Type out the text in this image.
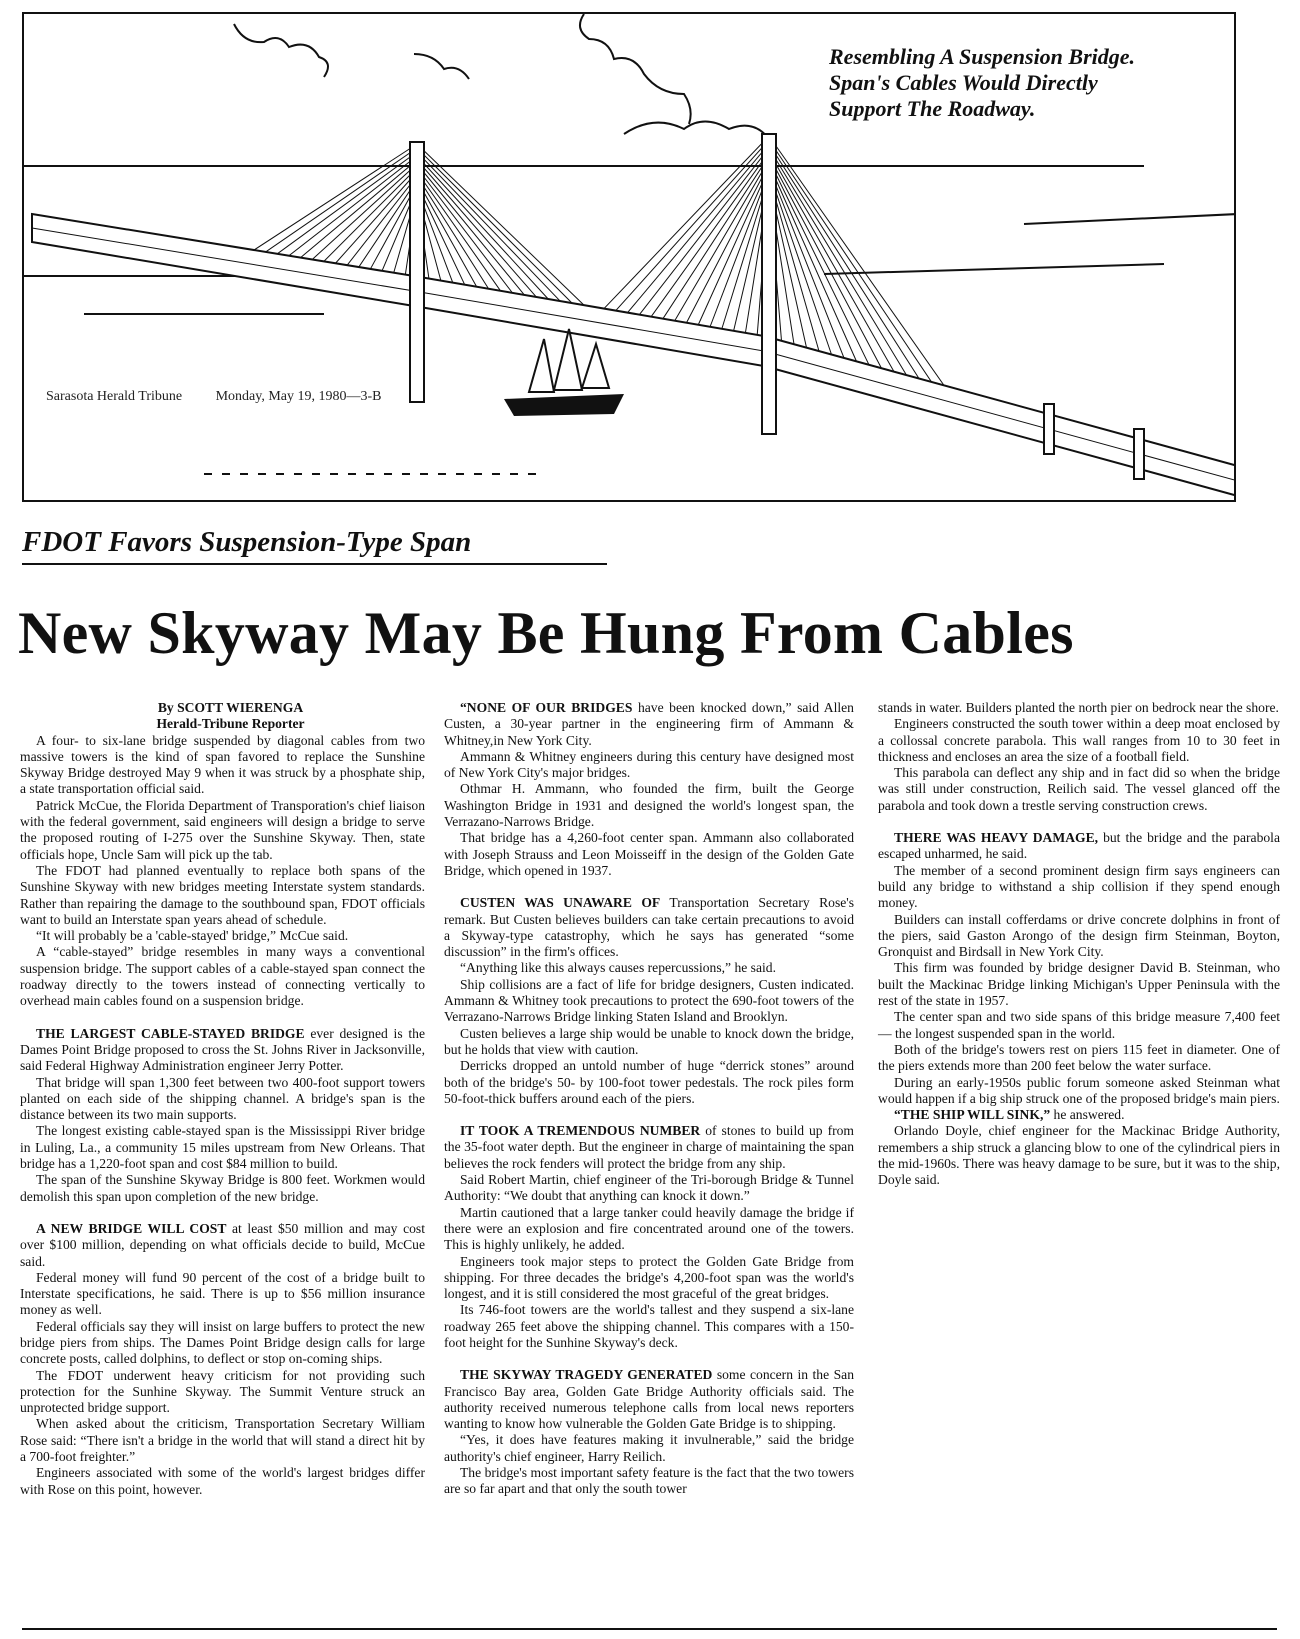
Resembling A Suspension Bridge.
Span's Cables Would Directly
Support The Roadway.
Sarasota Herald Tribune Monday, May 19, 1980—3-B
FDOT Favors Suspension-Type Span
New Skyway May Be Hung From Cables

By SCOTT WIERENGA

Herald-Tribune Reporter

A four- to six-lane bridge suspended by diagonal cables from two massive towers is the kind of span favored to replace the Sunshine Skyway Bridge destroyed May 9 when it was struck by a phosphate ship, a state transportation official said.

Patrick McCue, the Florida Department of Transporation's chief liaison with the federal government, said engineers will design a bridge to serve the proposed routing of I-275 over the Sunshine Skyway. Then, state officials hope, Uncle Sam will pick up the tab.

The FDOT had planned eventually to replace both spans of the Sunshine Skyway with new bridges meeting Interstate system standards. Rather than repairing the damage to the southbound span, FDOT officials want to build an Interstate span years ahead of schedule.

“It will probably be a 'cable-stayed' bridge,” McCue said.

A “cable-stayed” bridge resembles in many ways a conventional suspension bridge. The support cables of a cable-stayed span connect the roadway directly to the towers instead of connecting vertically to overhead main cables found on a suspension bridge.

THE LARGEST CABLE-STAYED BRIDGE ever designed is the Dames Point Bridge proposed to cross the St. Johns River in Jacksonville, said Federal Highway Administration engineer Jerry Potter.

That bridge will span 1,300 feet between two 400-foot support towers planted on each side of the shipping channel. A bridge's span is the distance between its two main supports.

The longest existing cable-stayed span is the Mississippi River bridge in Luling, La., a community 15 miles upstream from New Orleans. That bridge has a 1,220-foot span and cost $84 million to build.

The span of the Sunshine Skyway Bridge is 800 feet. Workmen would demolish this span upon completion of the new bridge.

A NEW BRIDGE WILL COST at least $50 million and may cost over $100 million, depending on what officials decide to build, McCue said.

Federal money will fund 90 percent of the cost of a bridge built to Interstate specifications, he said. There is up to $56 million insurance money as well.

Federal officials say they will insist on large buffers to protect the new bridge piers from ships. The Dames Point Bridge design calls for large concrete posts, called dolphins, to deflect or stop on-coming ships.

The FDOT underwent heavy criticism for not providing such protection for the Sunhine Skyway. The Summit Venture struck an unprotected bridge support.

When asked about the criticism, Transportation Secretary William Rose said: “There isn't a bridge in the world that will stand a direct hit by a 700-foot freighter.”

Engineers associated with some of the world's largest bridges differ with Rose on this point, however.

“NONE OF OUR BRIDGES have been knocked down,” said Allen Custen, a 30-year partner in the engineering firm of Ammann & Whitney,in New York City.

Ammann & Whitney engineers during this century have designed most of New York City's major bridges.

Othmar H. Ammann, who founded the firm, built the George Washington Bridge in 1931 and designed the world's longest span, the Verrazano-Narrows Bridge.

That bridge has a 4,260-foot center span. Ammann also collaborated with Joseph Strauss and Leon Moisseiff in the design of the Golden Gate Bridge, which opened in 1937.

CUSTEN WAS UNAWARE OF Transportation Secretary Rose's remark. But Custen believes builders can take certain precautions to avoid a Skyway-type catastrophy, which he says has generated “some discussion” in the firm's offices.

“Anything like this always causes repercussions,” he said.

Ship collisions are a fact of life for bridge designers, Custen indicated. Ammann & Whitney took precautions to protect the 690-foot towers of the Verrazano-Narrows Bridge linking Staten Island and Brooklyn.

Custen believes a large ship would be unable to knock down the bridge, but he holds that view with caution.

Derricks dropped an untold number of huge “derrick stones” around both of the bridge's 50- by 100-foot tower pedestals. The rock piles form 50-foot-thick buffers around each of the piers.

IT TOOK A TREMENDOUS NUMBER of stones to build up from the 35-foot water depth. But the engineer in charge of maintaining the span believes the rock fenders will protect the bridge from any ship.

Said Robert Martin, chief engineer of the Tri-borough Bridge & Tunnel Authority: “We doubt that anything can knock it down.”

Martin cautioned that a large tanker could heavily damage the bridge if there were an explosion and fire concentrated around one of the towers. This is highly unlikely, he added.

Engineers took major steps to protect the Golden Gate Bridge from shipping. For three decades the bridge's 4,200-foot span was the world's longest, and it is still considered the most graceful of the great bridges.

Its 746-foot towers are the world's tallest and they suspend a six-lane roadway 265 feet above the shipping channel. This compares with a 150-foot height for the Sunhine Skyway's deck.

THE SKYWAY TRAGEDY GENERATED some concern in the San Francisco Bay area, Golden Gate Bridge Authority officials said. The authority received numerous telephone calls from local news reporters wanting to know how vulnerable the Golden Gate Bridge is to shipping.

“Yes, it does have features making it invulnerable,” said the bridge authority's chief engineer, Harry Reilich.

The bridge's most important safety feature is the fact that the two towers are so far apart and that only the south tower

stands in water. Builders planted the north pier on bedrock near the shore.

Engineers constructed the south tower within a deep moat enclosed by a collossal concrete parabola. This wall ranges from 10 to 30 feet in thickness and encloses an area the size of a football field.

This parabola can deflect any ship and in fact did so when the bridge was still under construction, Reilich said. The vessel glanced off the parabola and took down a trestle serving construction crews.

THERE WAS HEAVY DAMAGE, but the bridge and the parabola escaped unharmed, he said.

The member of a second prominent design firm says engineers can build any bridge to withstand a ship collision if they spend enough money.

Builders can install cofferdams or drive concrete dolphins in front of the piers, said Gaston Arongo of the design firm Steinman, Boyton, Gronquist and Birdsall in New York City.

This firm was founded by bridge designer David B. Steinman, who built the Mackinac Bridge linking Michigan's Upper Peninsula with the rest of the state in 1957.

The center span and two side spans of this bridge measure 7,400 feet — the longest suspended span in the world.

Both of the bridge's towers rest on piers 115 feet in diameter. One of the piers extends more than 200 feet below the water surface.

During an early-1950s public forum someone asked Steinman what would happen if a big ship struck one of the proposed bridge's main piers.

“THE SHIP WILL SINK,” he answered.

Orlando Doyle, chief engineer for the Mackinac Bridge Authority, remembers a ship struck a glancing blow to one of the cylindrical piers in the mid-1960s. There was heavy damage to be sure, but it was to the ship, Doyle said.
